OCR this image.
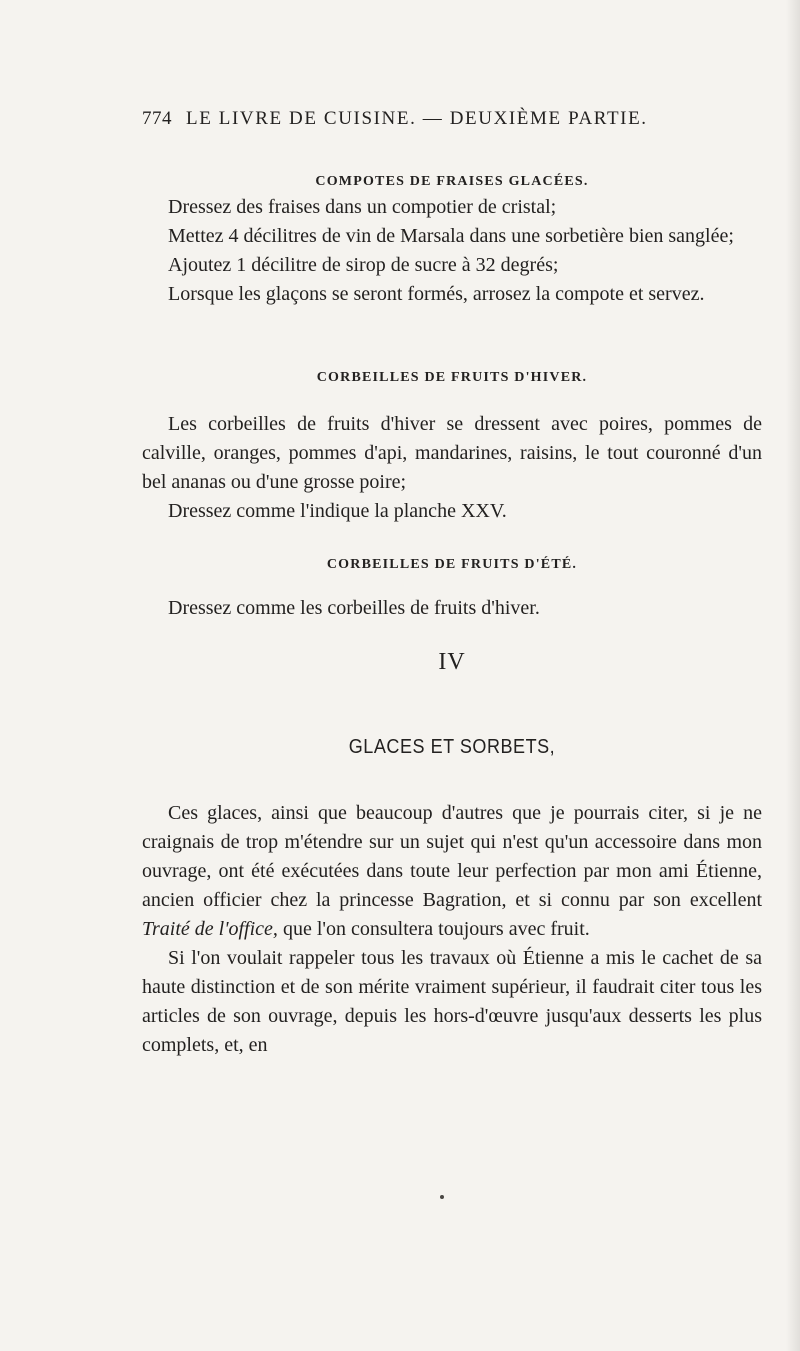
774 LE LIVRE DE CUISINE. — DEUXIÈME PARTIE.
COMPOTES DE FRAISES GLACÉES.

Dressez des fraises dans un compotier de cristal;

Mettez 4 décilitres de vin de Marsala dans une sorbetière bien sanglée;

Ajoutez 1 décilitre de sirop de sucre à 32 degrés;

Lorsque les glaçons se seront formés, arrosez la compote et servez.

CORBEILLES DE FRUITS D'HIVER.

Les corbeilles de fruits d'hiver se dressent avec poires, pommes de calville, oranges, pommes d'api, mandarines, raisins, le tout couronné d'un bel ananas ou d'une grosse poire;

Dressez comme l'indique la planche XXV.

CORBEILLES DE FRUITS D'ÉTÉ.

Dressez comme les corbeilles de fruits d'hiver.

IV
GLACES ET SORBETS,

Ces glaces, ainsi que beaucoup d'autres que je pourrais citer, si je ne craignais de trop m'étendre sur un sujet qui n'est qu'un accessoire dans mon ouvrage, ont été exécutées dans toute leur perfection par mon ami Étienne, ancien officier chez la princesse Bagration, et si connu par son excellent Traité de l'office, que l'on consultera toujours avec fruit.

Si l'on voulait rappeler tous les travaux où Étienne a mis le cachet de sa haute distinction et de son mérite vraiment supérieur, il faudrait citer tous les articles de son ouvrage, depuis les hors-d'œuvre jusqu'aux desserts les plus complets, et, en
